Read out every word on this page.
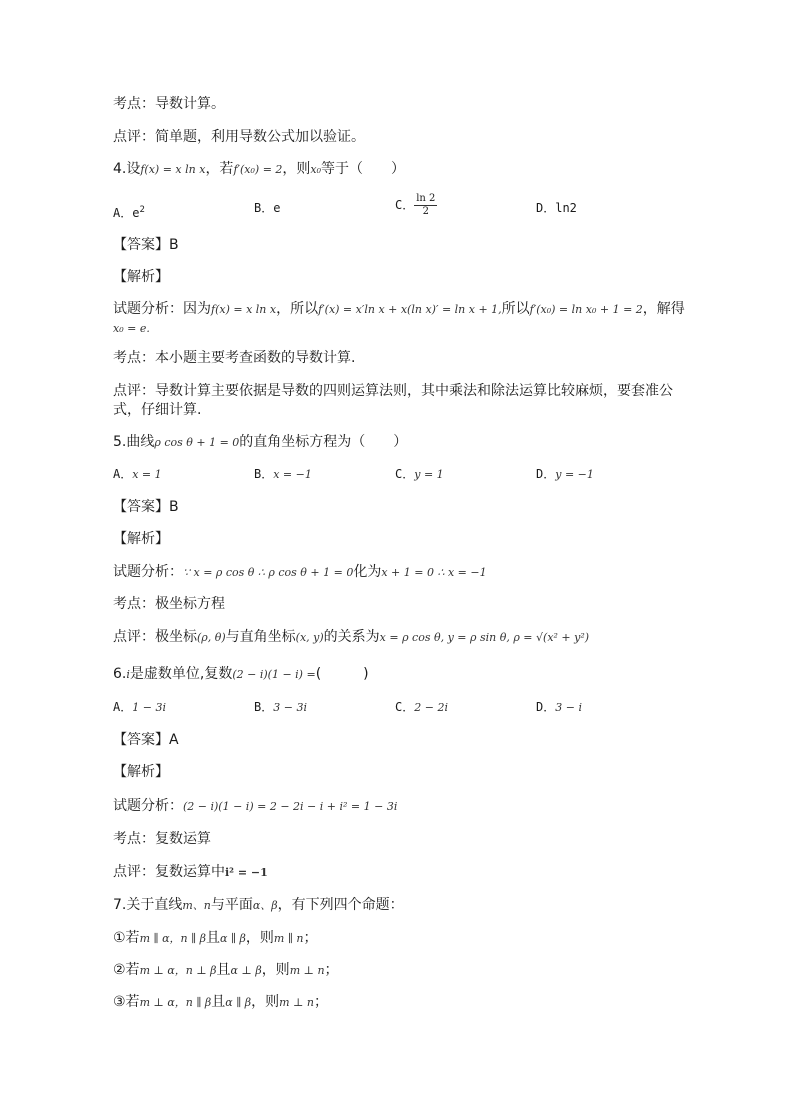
考点：导数计算。
点评：简单题，利用导数公式加以验证。
4.设f(x) = x ln x，若f′(x₀) = 2，则x₀等于（　　）
A．$e^2$	B．e	C． $\frac{\ln 2}{2}$	D．ln2
【答案】B
【解析】
试题分析：因为f(x) = x ln x，所以f′(x) = x′ln x + x(ln x)′ = ln x + 1,所以f′(x₀) = ln x₀ + 1 = 2，解得
x₀ = e.
考点：本小题主要考查函数的导数计算.
点评：导数计算主要依据是导数的四则运算法则，其中乘法和除法运算比较麻烦，要套准公
式，仔细计算.
5.曲线ρ cos θ + 1 = 0的直角坐标方程为（　　）
A．x = 1	B．x = −1	C．y = 1	D．y = −1
【答案】B
【解析】
试题分析：∵ x = ρ cos θ ∴ ρ cos θ + 1 = 0化为x + 1 = 0 ∴ x = −1
考点：极坐标方程
点评：极坐标(ρ, θ)与直角坐标(x, y)的关系为x = ρ cos θ, y = ρ sin θ, ρ = √(x² + y²)
6.i是虚数单位,复数(2 − i)(1 − i) =(　　　)
A．1 − 3i	B．3 − 3i	C．2 − 2i	D．3 − i
【答案】A
【解析】
试题分析：(2 − i)(1 − i) = 2 − 2i − i + i² = 1 − 3i
考点：复数运算
点评：复数运算中i² = −1
7.关于直线m、n与平面α、β，有下列四个命题：
①若m ∥ α，n ∥ β且α ∥ β，则m ∥ n；
②若m ⊥ α，n ⊥ β且α ⊥ β，则m ⊥ n；
③若m ⊥ α，n ∥ β且α ∥ β，则m ⊥ n；
